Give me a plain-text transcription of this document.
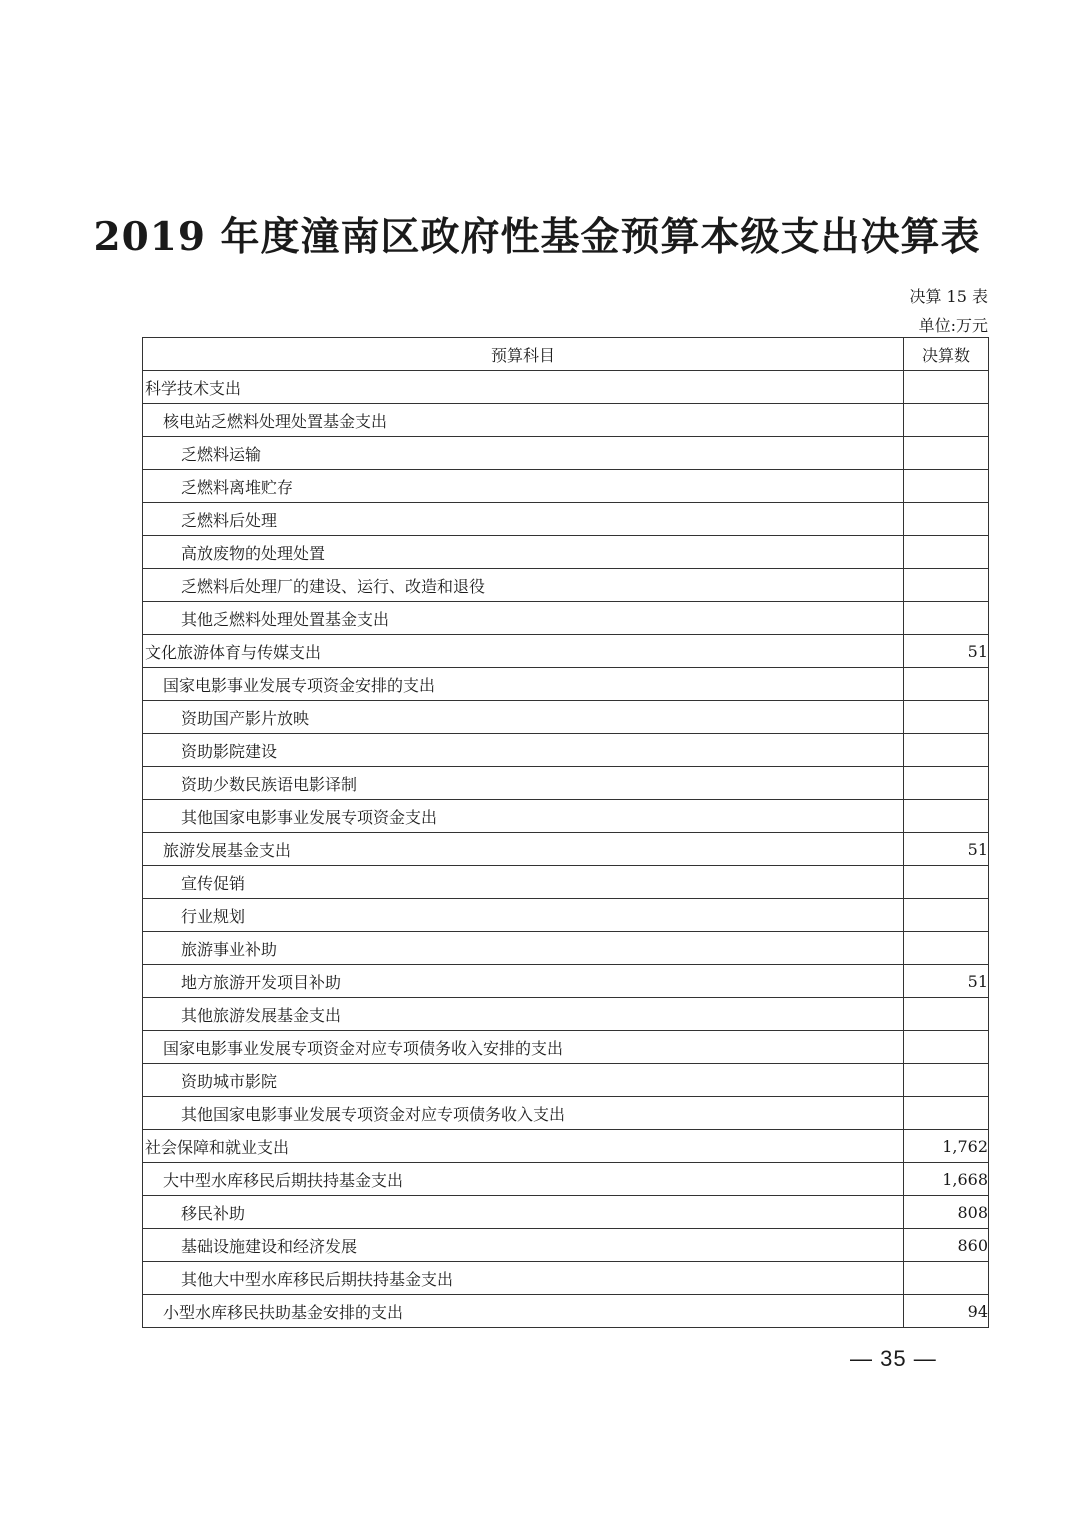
2019 年度潼南区政府性基金预算本级支出决算表
决算 15 表
单位:万元
预算科目	决算数
科学技术支出	
核电站乏燃料处理处置基金支出	
乏燃料运输	
乏燃料离堆贮存	
乏燃料后处理	
高放废物的处理处置	
乏燃料后处理厂的建设、运行、改造和退役	
其他乏燃料处理处置基金支出	
文化旅游体育与传媒支出	51
国家电影事业发展专项资金安排的支出	
资助国产影片放映	
资助影院建设	
资助少数民族语电影译制	
其他国家电影事业发展专项资金支出	
旅游发展基金支出	51
宣传促销	
行业规划	
旅游事业补助	
地方旅游开发项目补助	51
其他旅游发展基金支出	
国家电影事业发展专项资金对应专项债务收入安排的支出	
资助城市影院	
其他国家电影事业发展专项资金对应专项债务收入支出	
社会保障和就业支出	1,762
大中型水库移民后期扶持基金支出	1,668
移民补助	808
基础设施建设和经济发展	860
其他大中型水库移民后期扶持基金支出	
小型水库移民扶助基金安排的支出	94
— 35 —
